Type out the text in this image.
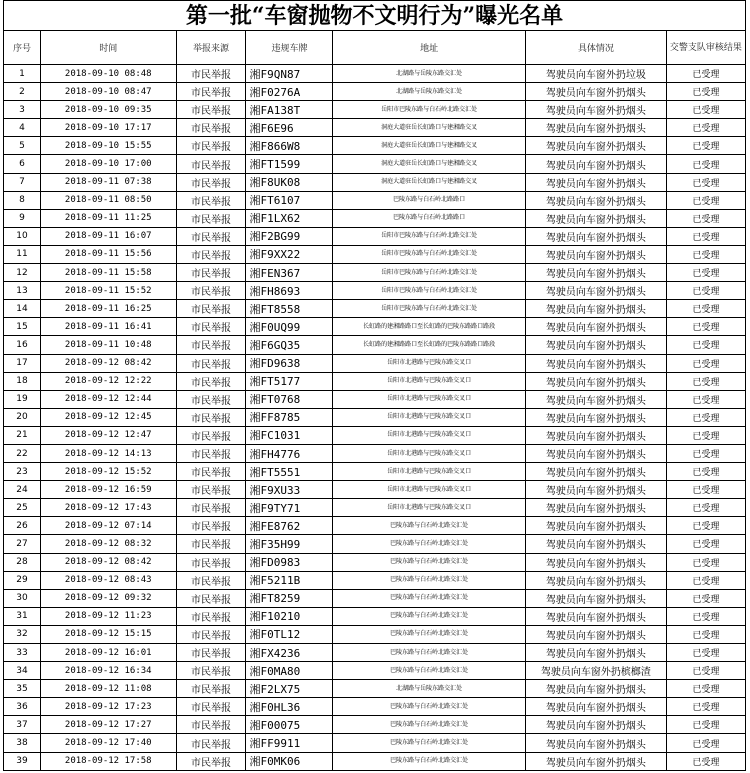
第一批“车窗抛物不文明行为”曝光名单
序号	时间	举报来源	违规车牌	地址	具体情况	交警支队审核结果
1	2018-09-10 08:48	市民举报	湘F9QN87	北湖路与岳陵东路交汇处	驾驶员向车窗外扔垃圾	已受理
2	2018-09-10 08:47	市民举报	湘F0276A	北湖路与岳陵东路交汇处	驾驶员向车窗外扔烟头	已受理
3	2018-09-10 09:35	市民举报	湘FA138T	岳阳市巴陵东路与白石岭北路交汇处	驾驶员向车窗外扔烟头	已受理
4	2018-09-10 17:17	市民举报	湘F6E96	洞庭大道驻岳长虹路口与建湘路交叉	驾驶员向车窗外扔烟头	已受理
5	2018-09-10 15:55	市民举报	湘F866W8	洞庭大道驻岳长虹路口与建湘路交叉	驾驶员向车窗外扔烟头	已受理
6	2018-09-10 17:00	市民举报	湘FT1599	洞庭大道驻岳长虹路口与建湘路交叉	驾驶员向车窗外扔烟头	已受理
7	2018-09-11 07:38	市民举报	湘F8UK08	洞庭大道驻岳长虹路口与建湘路交叉	驾驶员向车窗外扔烟头	已受理
8	2018-09-11 08:50	市民举报	湘FT6107	巴陵东路与白石岭北路路口	驾驶员向车窗外扔烟头	已受理
9	2018-09-11 11:25	市民举报	湘F1LX62	巴陵东路与白石岭北路路口	驾驶员向车窗外扔烟头	已受理
10	2018-09-11 16:07	市民举报	湘F2BG99	岳阳市巴陵东路与白石岭北路交汇处	驾驶员向车窗外扔烟头	已受理
11	2018-09-11 15:56	市民举报	湘F9XX22	岳阳市巴陵东路与白石岭北路交汇处	驾驶员向车窗外扔烟头	已受理
12	2018-09-11 15:58	市民举报	湘FEN367	岳阳市巴陵东路与白石岭北路交汇处	驾驶员向车窗外扔烟头	已受理
13	2018-09-11 15:52	市民举报	湘FH8693	岳阳市巴陵东路与白石岭北路交汇处	驾驶员向车窗外扔烟头	已受理
14	2018-09-11 16:25	市民举报	湘FT8558	岳阳市巴陵东路与白石岭北路交汇处	驾驶员向车窗外扔烟头	已受理
15	2018-09-11 16:41	市民举报	湘F0UQ99	长虹路的建湘路路口至长虹路的巴陵东路路口路段	驾驶员向车窗外扔烟头	已受理
16	2018-09-11 10:48	市民举报	湘F6GQ35	长虹路的建湘路路口至长虹路的巴陵东路路口路段	驾驶员向车窗外扔烟头	已受理
17	2018-09-12 08:42	市民举报	湘FD9638	岳阳市北港路与巴陵东路交叉口	驾驶员向车窗外扔烟头	已受理
18	2018-09-12 12:22	市民举报	湘FT5177	岳阳市北港路与巴陵东路交叉口	驾驶员向车窗外扔烟头	已受理
19	2018-09-12 12:44	市民举报	湘FT0768	岳阳市北港路与巴陵东路交叉口	驾驶员向车窗外扔烟头	已受理
20	2018-09-12 12:45	市民举报	湘FF8785	岳阳市北港路与巴陵东路交叉口	驾驶员向车窗外扔烟头	已受理
21	2018-09-12 12:47	市民举报	湘FC1031	岳阳市北港路与巴陵东路交叉口	驾驶员向车窗外扔烟头	已受理
22	2018-09-12 14:13	市民举报	湘FH4776	岳阳市北港路与巴陵东路交叉口	驾驶员向车窗外扔烟头	已受理
23	2018-09-12 15:52	市民举报	湘FT5551	岳阳市北港路与巴陵东路交叉口	驾驶员向车窗外扔烟头	已受理
24	2018-09-12 16:59	市民举报	湘F9XU33	岳阳市北港路与巴陵东路交叉口	驾驶员向车窗外扔烟头	已受理
25	2018-09-12 17:43	市民举报	湘F9TY71	岳阳市北港路与巴陵东路交叉口	驾驶员向车窗外扔烟头	已受理
26	2018-09-12 07:14	市民举报	湘FE8762	巴陵东路与白石岭北路交汇处	驾驶员向车窗外扔烟头	已受理
27	2018-09-12 08:32	市民举报	湘F35H99	巴陵东路与白石岭北路交汇处	驾驶员向车窗外扔烟头	已受理
28	2018-09-12 08:42	市民举报	湘FD0983	巴陵东路与白石岭北路交汇处	驾驶员向车窗外扔烟头	已受理
29	2018-09-12 08:43	市民举报	湘F5211B	巴陵东路与白石岭北路交汇处	驾驶员向车窗外扔烟头	已受理
30	2018-09-12 09:32	市民举报	湘FT8259	巴陵东路与白石岭北路交汇处	驾驶员向车窗外扔烟头	已受理
31	2018-09-12 11:23	市民举报	湘F10210	巴陵东路与白石岭北路交汇处	驾驶员向车窗外扔烟头	已受理
32	2018-09-12 15:15	市民举报	湘F0TL12	巴陵东路与白石岭北路交汇处	驾驶员向车窗外扔烟头	已受理
33	2018-09-12 16:01	市民举报	湘FX4236	巴陵东路与白石岭北路交汇处	驾驶员向车窗外扔烟头	已受理
34	2018-09-12 16:34	市民举报	湘F0MA80	巴陵东路与白石岭北路交汇处	驾驶员向车窗外扔槟榔渣	已受理
35	2018-09-12 11:08	市民举报	湘F2LX75	北湖路与岳陵东路交汇处	驾驶员向车窗外扔烟头	已受理
36	2018-09-12 17:23	市民举报	湘F0HL36	巴陵东路与白石岭北路交汇处	驾驶员向车窗外扔烟头	已受理
37	2018-09-12 17:27	市民举报	湘F00075	巴陵东路与白石岭北路交汇处	驾驶员向车窗外扔烟头	已受理
38	2018-09-12 17:40	市民举报	湘FF9911	巴陵东路与白石岭北路交汇处	驾驶员向车窗外扔烟头	已受理
39	2018-09-12 17:58	市民举报	湘F0MK06	巴陵东路与白石岭北路交汇处	驾驶员向车窗外扔烟头	已受理
